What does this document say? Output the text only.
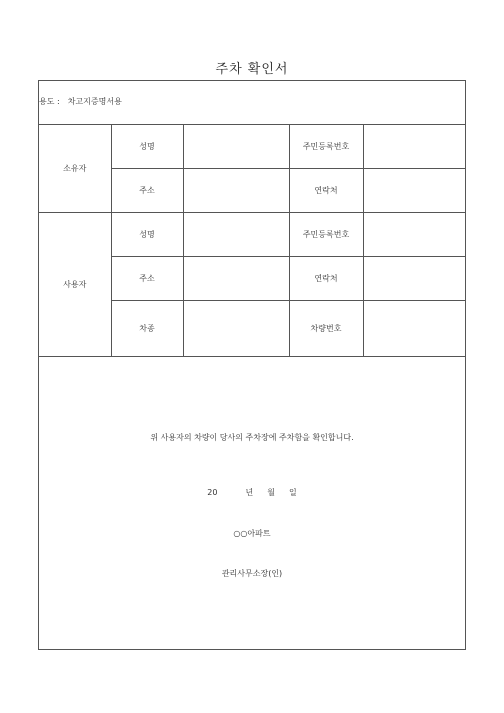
주차 확인서
용도 : 차고지증명서용
소유자	성명		주민등록번호	
	주소		연락처	
사용자	성명		주민등록번호	
	주소		연락처	
	차종		차량번호	
위 사용자의 차량이 당사의 주차장에 주차함을 확인합니다.
20	년 월 일
○○아파트
관리사무소장(인)
